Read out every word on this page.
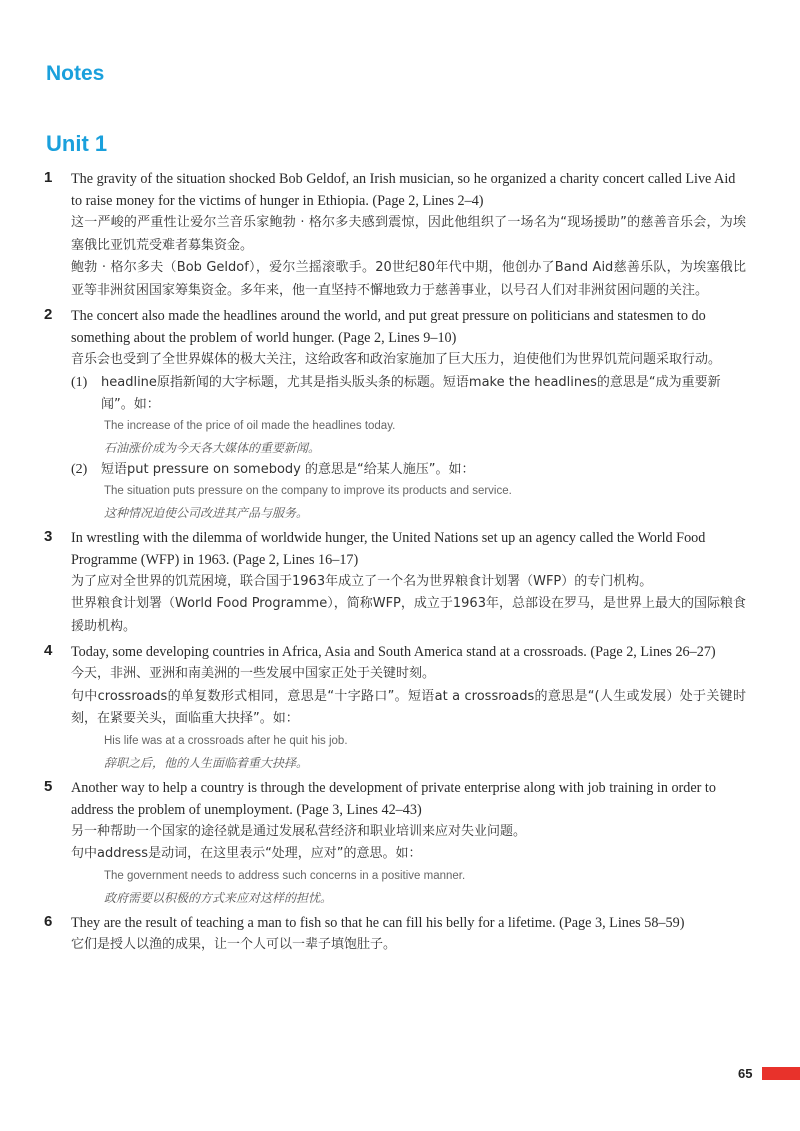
Notes
Unit 1
1 The gravity of the situation shocked Bob Geldof, an Irish musician, so he organized a charity concert called Live Aid to raise money for the victims of hunger in Ethiopia. (Page 2, Lines 2–4)

这一严峻的严重性让爱尔兰音乐家鲍勃 · 格尔多夫感到震惊，因此他组织了一场名为“现场援助”的慈善音乐会，为埃塞俄比亚饥荒受难者募集资金。

鲍勃 · 格尔多夫（Bob Geldof），爱尔兰摇滚歌手。20世纪80年代中期，他创办了Band Aid慈善乐队，为埃塞俄比亚等非洲贫困国家筹集资金。多年来，他一直坚持不懈地致力于慈善事业，以号召人们对非洲贫困问题的关注。

2 The concert also made the headlines around the world, and put great pressure on politicians and statesmen to do something about the problem of world hunger. (Page 2, Lines 9–10)

音乐会也受到了全世界媒体的极大关注，这给政客和政治家施加了巨大压力，迫使他们为世界饥荒问题采取行动。

(1) headline原指新闻的大字标题，尤其是指头版头条的标题。短语make the headlines的意思是“成为重要新闻”。如：

The increase of the price of oil made the headlines today.

石油涨价成为今天各大媒体的重要新闻。

(2) 短语put pressure on somebody 的意思是“给某人施压”。如：

The situation puts pressure on the company to improve its products and service.

这种情况迫使公司改进其产品与服务。

3 In wrestling with the dilemma of worldwide hunger, the United Nations set up an agency called the World Food Programme (WFP) in 1963. (Page 2, Lines 16–17)

为了应对全世界的饥荒困境，联合国于1963年成立了一个名为世界粮食计划署（WFP）的专门机构。

世界粮食计划署（World Food Programme），简称WFP，成立于1963年，总部设在罗马，是世界上最大的国际粮食援助机构。

4 Today, some developing countries in Africa, Asia and South America stand at a crossroads. (Page 2, Lines 26–27)

今天，非洲、亚洲和南美洲的一些发展中国家正处于关键时刻。

句中crossroads的单复数形式相同，意思是“十字路口”。短语at a crossroads的意思是“(人生或发展）处于关键时刻，在紧要关头，面临重大抉择”。如：

His life was at a crossroads after he quit his job.

辞职之后，他的人生面临着重大抉择。

5 Another way to help a country is through the development of private enterprise along with job training in order to address the problem of unemployment. (Page 3, Lines 42–43)

另一种帮助一个国家的途径就是通过发展私营经济和职业培训来应对失业问题。

句中address是动词，在这里表示“处理，应对”的意思。如：

The government needs to address such concerns in a positive manner.

政府需要以积极的方式来应对这样的担忧。

6 They are the result of teaching a man to fish so that he can fill his belly for a lifetime. (Page 3, Lines 58–59)

它们是授人以渔的成果，让一个人可以一辈子填饱肚子。

65
